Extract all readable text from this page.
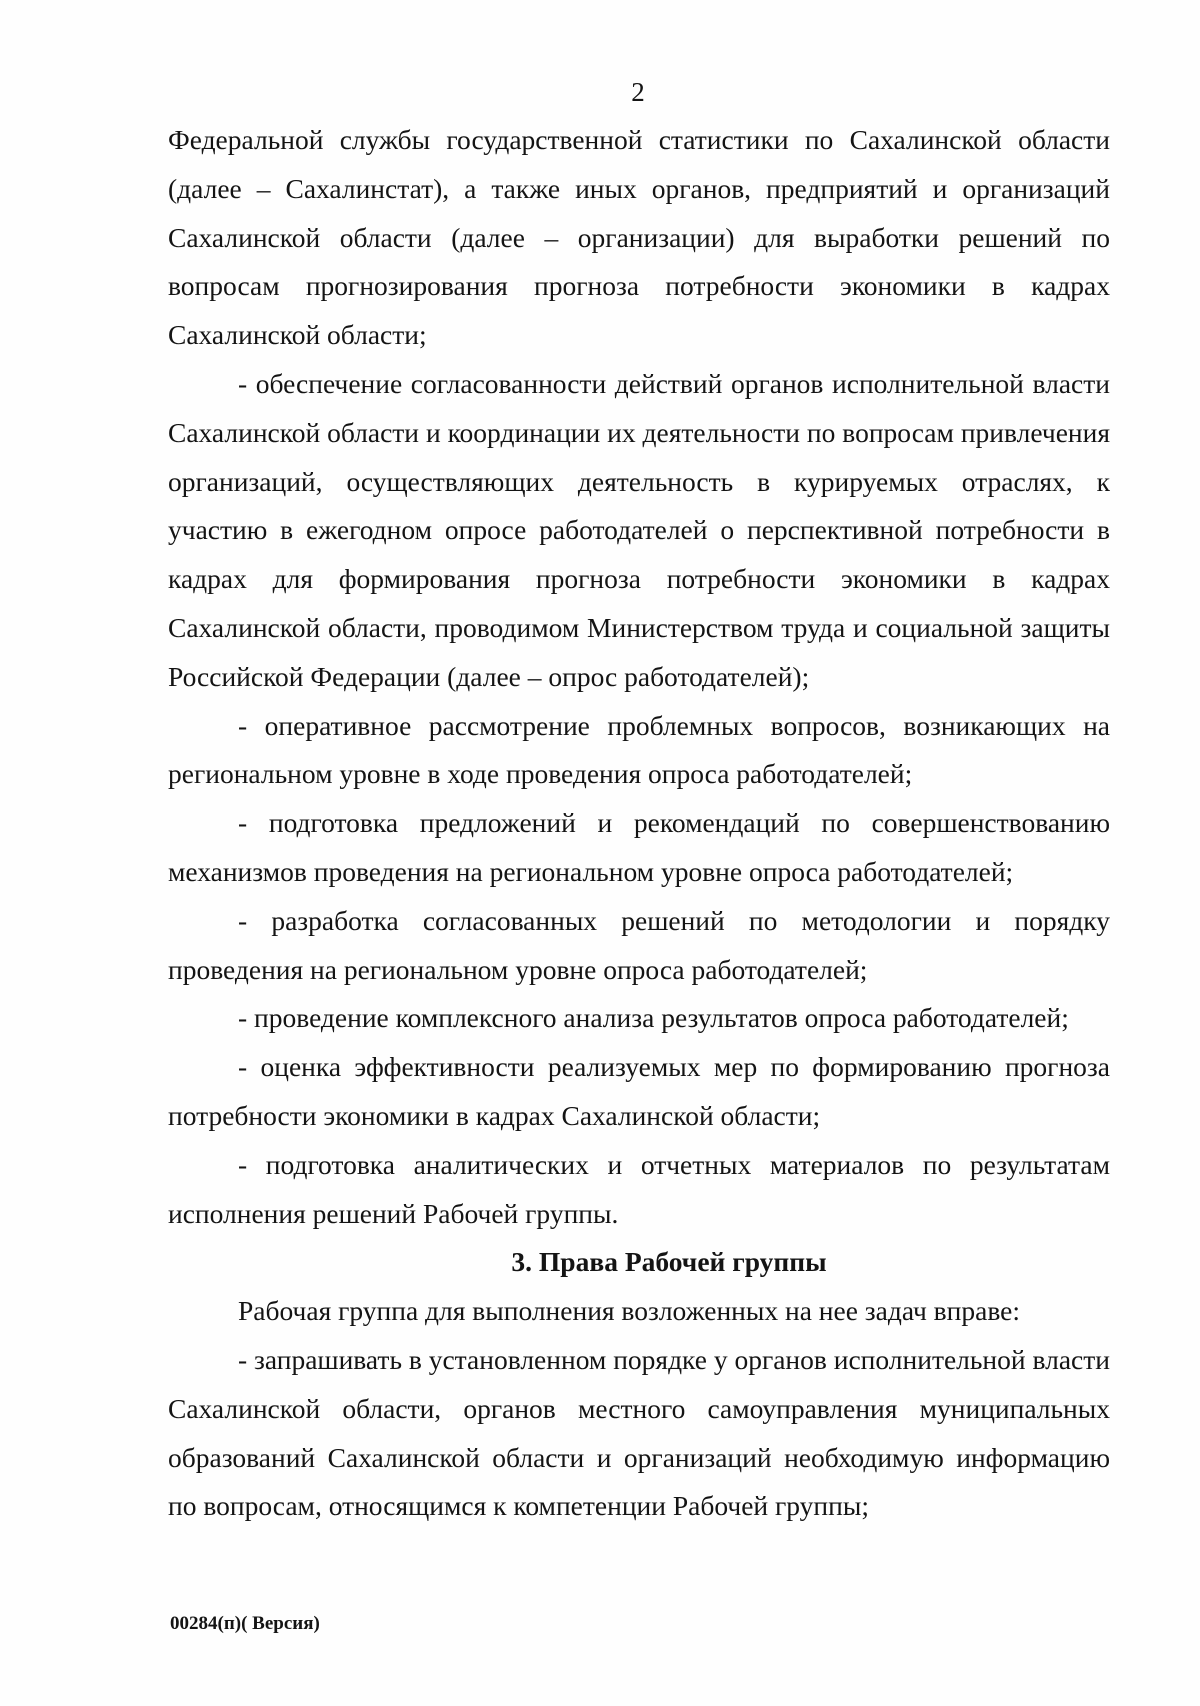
2

Федеральной службы государственной статистики по Сахалинской области (далее – Сахалинстат), а также иных органов, предприятий и организаций Сахалинской области (далее – организации) для выработки решений по вопросам прогнозирования прогноза потребности экономики в кадрах Сахалинской области;

- обеспечение согласованности действий органов исполнительной власти Сахалинской области и координации их деятельности по вопросам привлечения организаций, осуществляющих деятельность в курируемых отраслях, к участию в ежегодном опросе работодателей о перспективной потребности в кадрах для формирования прогноза потребности экономики в кадрах Сахалинской области, проводимом Министерством труда и социальной защиты Российской Федерации (далее – опрос работодателей);

- оперативное рассмотрение проблемных вопросов, возникающих на региональном уровне в ходе проведения опроса работодателей;

- подготовка предложений и рекомендаций по совершенствованию механизмов проведения на региональном уровне опроса работодателей;

- разработка согласованных решений по методологии и порядку проведения на региональном уровне опроса работодателей;

- проведение комплексного анализа результатов опроса работодателей;

- оценка эффективности реализуемых мер по формированию прогноза потребности экономики в кадрах Сахалинской области;

- подготовка аналитических и отчетных материалов по результатам исполнения решений Рабочей группы.

3. Права Рабочей группы

Рабочая группа для выполнения возложенных на нее задач вправе:

- запрашивать в установленном порядке у органов исполнительной власти Сахалинской области, органов местного самоуправления муниципальных образований Сахалинской области и организаций необходимую информацию по вопросам, относящимся к компетенции Рабочей группы;

00284(п)( Версия)
